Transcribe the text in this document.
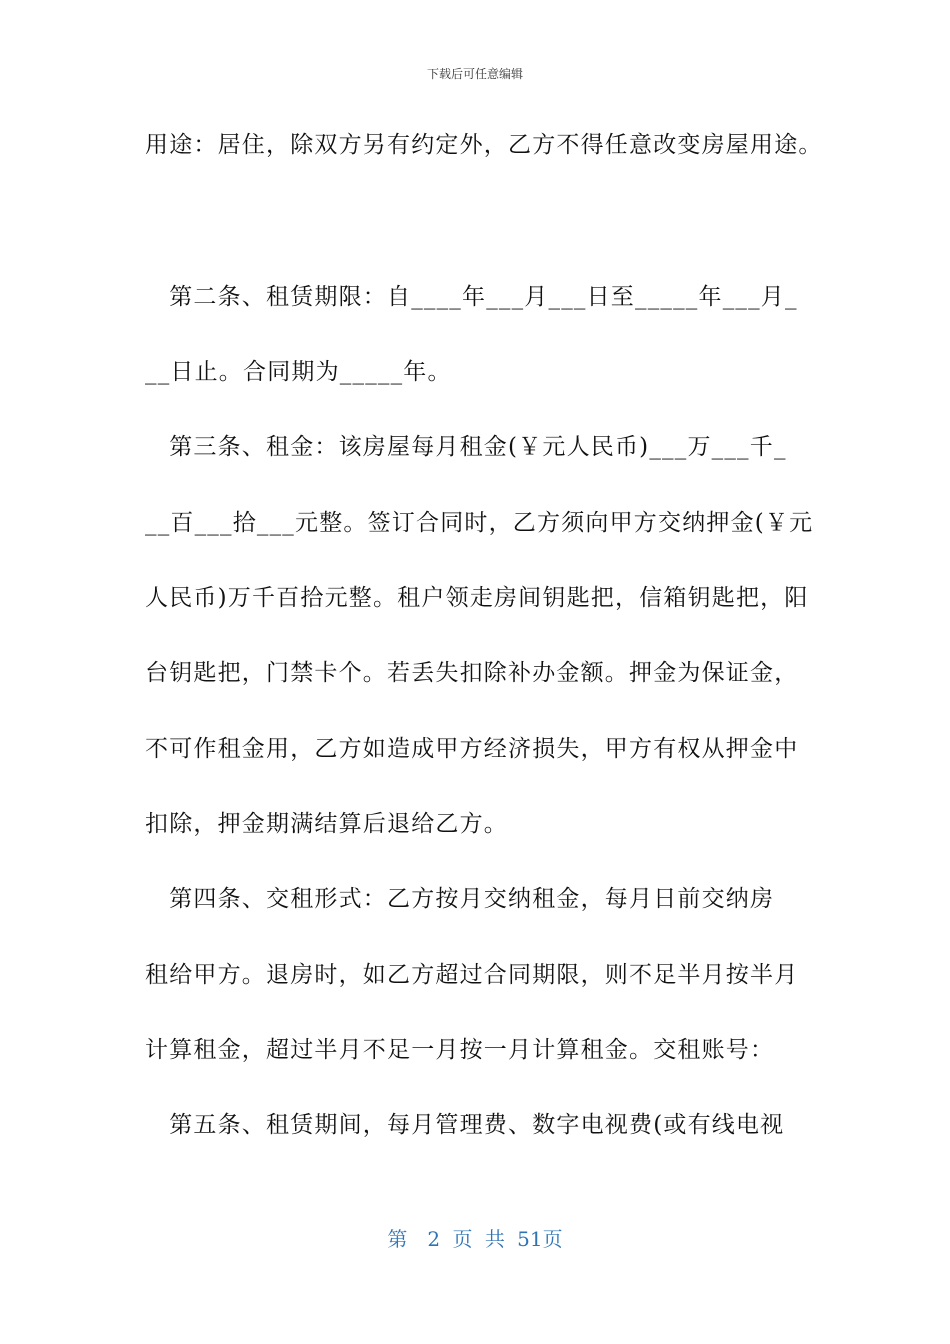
下载后可任意编辑
用途：居住，除双方另有约定外，乙方不得任意改变房屋用途。
　第二条、租赁期限：自____年___月___日至_____年___月_
__日止。合同期为_____年。
　第三条、租金：该房屋每月租金(￥元人民币)___万___千_
__百___拾___元整。签订合同时，乙方须向甲方交纳押金(￥元
人民币)万千百拾元整。租户领走房间钥匙把，信箱钥匙把，阳
台钥匙把，门禁卡个。若丢失扣除补办金额。押金为保证金，
不可作租金用，乙方如造成甲方经济损失，甲方有权从押金中
扣除，押金期满结算后退给乙方。
　第四条、交租形式：乙方按月交纳租金，每月日前交纳房
租给甲方。退房时，如乙方超过合同期限，则不足半月按半月
计算租金，超过半月不足一月按一月计算租金。交租账号：
　第五条、租赁期间，每月管理费、数字电视费(或有线电视
第　2 页 共 51页
